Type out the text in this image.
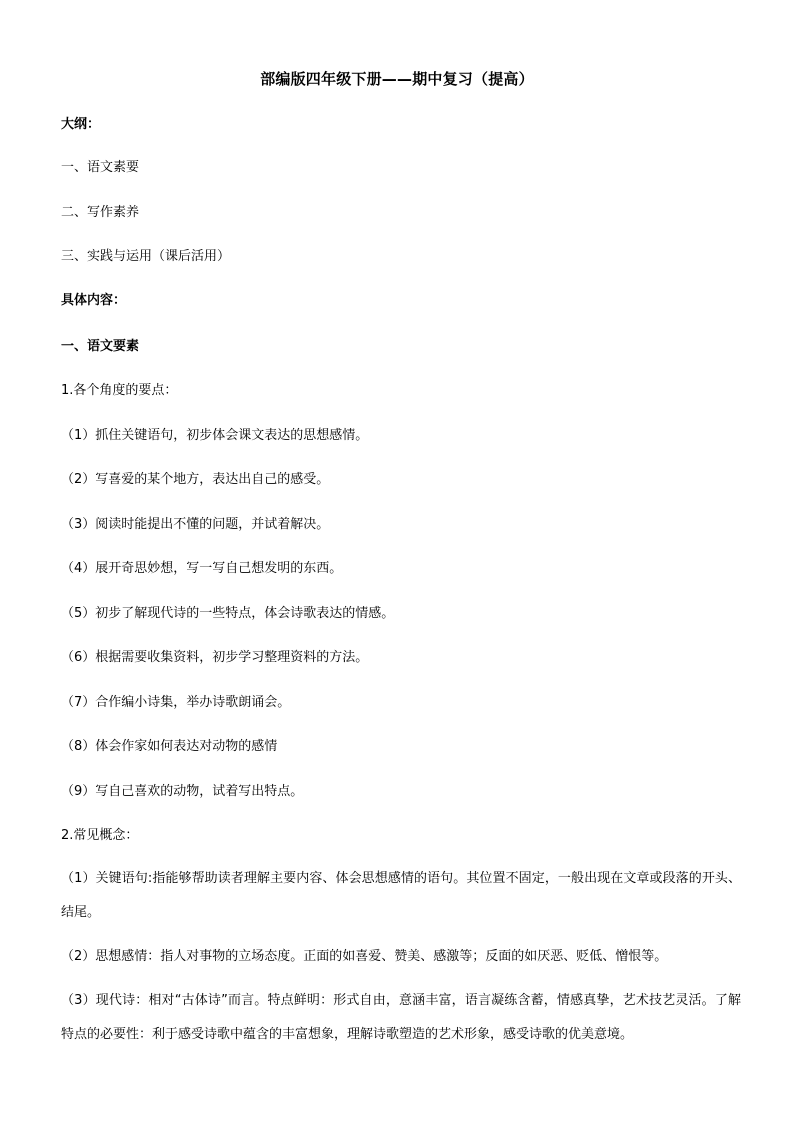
部编版四年级下册——期中复习（提高）
大纲：
一、语文素要
二、写作素养
三、实践与运用（课后活用）
具体内容：
一、语文要素
1.各个角度的要点：
（1）抓住关键语句，初步体会课文表达的思想感情。
（2）写喜爱的某个地方，表达出自己的感受。
（3）阅读时能提出不懂的问题，并试着解决。
（4）展开奇思妙想，写一写自己想发明的东西。
（5）初步了解现代诗的一些特点，体会诗歌表达的情感。
（6）根据需要收集资料，初步学习整理资料的方法。
（7）合作编小诗集，举办诗歌朗诵会。
（8）体会作家如何表达对动物的感情
（9）写自己喜欢的动物，试着写出特点。
2.常见概念：
（1）关键语句:指能够帮助读者理解主要内容、体会思想感情的语句。其位置不固定，一般出现在文章或段落的开头、结尾。
（2）思想感情：指人对事物的立场态度。正面的如喜爱、赞美、感激等；反面的如厌恶、贬低、憎恨等。
（3）现代诗：相对“古体诗”而言。特点鲜明：形式自由，意涵丰富，语言凝练含蓄，情感真挚，艺术技艺灵活。了解特点的必要性：利于感受诗歌中蕴含的丰富想象，理解诗歌塑造的艺术形象，感受诗歌的优美意境。
